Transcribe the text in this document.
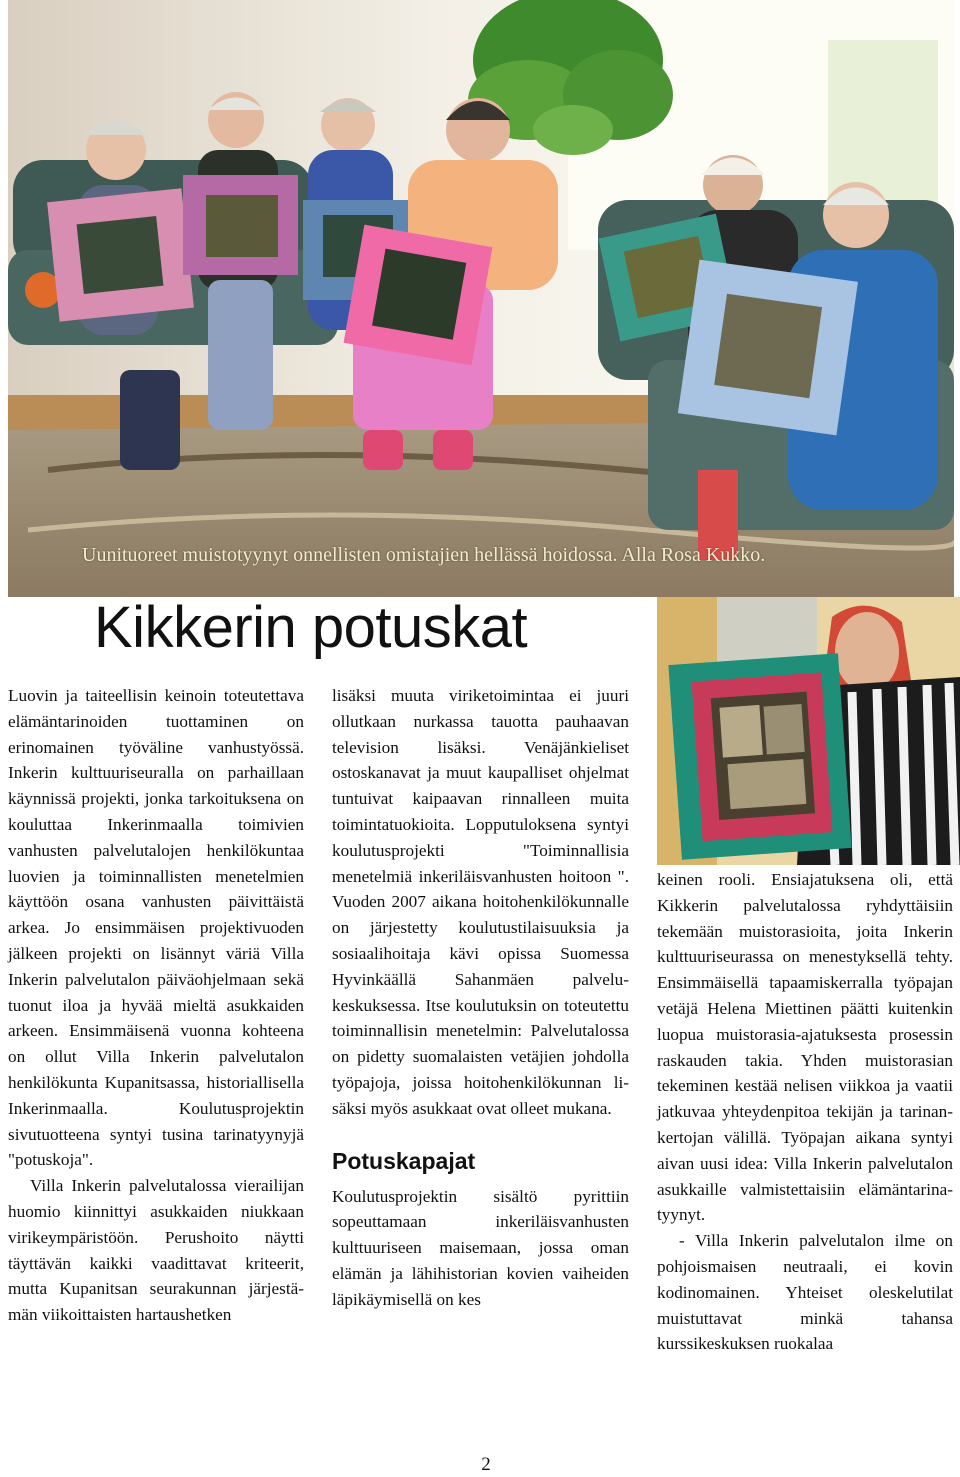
Uunituoreet muistotyynyt onnellisten omistajien hellässä hoidossa. Alla Rosa Kukko.
Kikkerin potuskat

Luovin ja taiteellisin keinoin toteutettava elämäntarinoiden tuottaminen on erinomainen työväline vanhustyössä. Inkerin kulttuuriseuralla on parhaillaan käynnissä projekti, jonka tarkoituksena on kouluttaa Inkerinmaalla toimivien vanhusten palvelutalojen henkilökuntaa luovien ja toiminnallisten menetelmien käyttöön osana vanhusten päivittäistä arkea. Jo ensimmäisen projektivuoden jälkeen projekti on lisännyt väriä Villa Inkerin palvelutalon päiväohjelmaan sekä tuonut iloa ja hyvää mieltä asukkaiden arkeen. Ensimmäisenä vuonna kohteena on ollut Villa Inkerin palvelutalon henkilökunta Kupanitsassa, historiallisella Inkerinmaalla. Koulutusprojektin sivutuotteena syntyi tusina tarinatyynyjä "potuskoja".

Villa Inkerin palvelutalossa vierailijan huomio kiinnittyi asukkaiden niukkaan virikeympäristöön. Perushoito näytti täyttävän kaikki vaadittavat kriteerit, mutta Kupanitsan seurakunnan järjestämän viikoittaisten hartaushetken

lisäksi muuta viriketoimintaa ei juuri ollutkaan nurkassa tauotta pauhaavan television lisäksi. Venäjänkieliset ostoskanavat ja muut kaupalliset ohjelmat tuntuivat kaipaavan rinnalleen muita toimintatuokioita. Lopputuloksena syntyi koulutusprojekti "Toiminnallisia menetelmiä inkeriläisvanhusten hoitoon ". Vuoden 2007 aikana hoitohenkilökunnalle on järjestetty koulutustilaisuuksia ja sosiaalihoitaja kävi opissa Suomessa Hyvinkäällä Sahanmäen palvelukeskuksessa. Itse koulutuksin on toteutettu toiminnallisin menetelmin: Palvelutalossa on pidetty suomalaisten vetäjien johdolla työpajoja, joissa hoitohenkilökunnan lisäksi myös asukkaat ovat olleet mukana.

Potuskapajat

Koulutusprojektin sisältö pyrittiin sopeuttamaan inkeriläisvanhusten kulttuuriseen maisemaan, jossa oman elämän ja lähihistorian kovien vaiheiden läpikäymisellä on kes

keinen rooli. Ensiajatuksena oli, että Kikkerin palvelutalossa ryhdyttäisiin tekemään muistorasioita, joita Inkerin kulttuuriseurassa on menestyksellä tehty. Ensimmäisellä tapaamiskerralla työpajan vetäjä Helena Miettinen päätti kuitenkin luopua muistorasia-ajatuksesta prosessin raskauden takia. Yhden muistorasian tekeminen kestää nelisen viikkoa ja vaatii jatkuvaa yhteydenpitoa tekijän ja tarinankertojan välillä. Työpajan aikana syntyi aivan uusi idea: Villa Inkerin palvelutalon asukkaille valmistettaisiin elämäntarinatyynyt.

- Villa Inkerin palvelutalon ilme on pohjoismaisen neutraali, ei kovin kodinomainen. Yhteiset oleskelutilat muistuttavat minkä tahansa kurssikeskuksen ruokalaa

2
